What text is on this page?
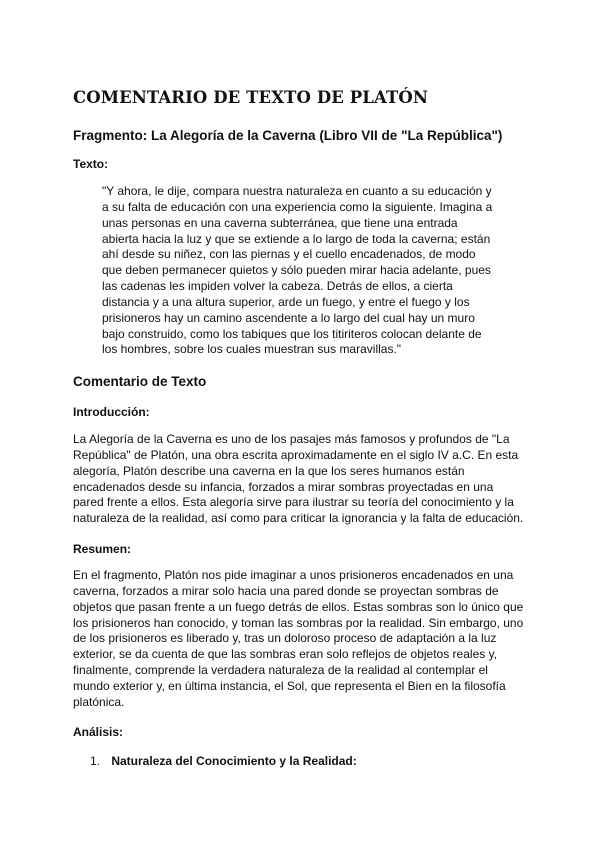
COMENTARIO DE TEXTO DE PLATÓN
Fragmento: La Alegoría de la Caverna (Libro VII de "La República")
Texto:
"Y ahora, le dije, compara nuestra naturaleza en cuanto a su educación y
a su falta de educación con una experiencia como la siguiente. Imagina a
unas personas en una caverna subterránea, que tiene una entrada
abierta hacia la luz y que se extiende a lo largo de toda la caverna; están
ahí desde su niñez, con las piernas y el cuello encadenados, de modo
que deben permanecer quietos y sólo pueden mirar hacia adelante, pues
las cadenas les impiden volver la cabeza. Detrás de ellos, a cierta
distancia y a una altura superior, arde un fuego, y entre el fuego y los
prisioneros hay un camino ascendente a lo largo del cual hay un muro
bajo construido, como los tabiques que los titiriteros colocan delante de
los hombres, sobre los cuales muestran sus maravillas."
Comentario de Texto
Introducción:
La Alegoría de la Caverna es uno de los pasajes más famosos y profundos de "La
República" de Platón, una obra escrita aproximadamente en el siglo IV a.C. En esta
alegoría, Platón describe una caverna en la que los seres humanos están
encadenados desde su infancia, forzados a mirar sombras proyectadas en una
pared frente a ellos. Esta alegoría sirve para ilustrar su teoría del conocimiento y la
naturaleza de la realidad, así como para criticar la ignorancia y la falta de educación.
Resumen:
En el fragmento, Platón nos pide imaginar a unos prisioneros encadenados en una
caverna, forzados a mirar solo hacia una pared donde se proyectan sombras de
objetos que pasan frente a un fuego detrás de ellos. Estas sombras son lo único que
los prisioneros han conocido, y toman las sombras por la realidad. Sin embargo, uno
de los prisioneros es liberado y, tras un doloroso proceso de adaptación a la luz
exterior, se da cuenta de que las sombras eran solo reflejos de objetos reales y,
finalmente, comprende la verdadera naturaleza de la realidad al contemplar el
mundo exterior y, en última instancia, el Sol, que representa el Bien en la filosofía
platónica.
Análisis:
1. Naturaleza del Conocimiento y la Realidad:
